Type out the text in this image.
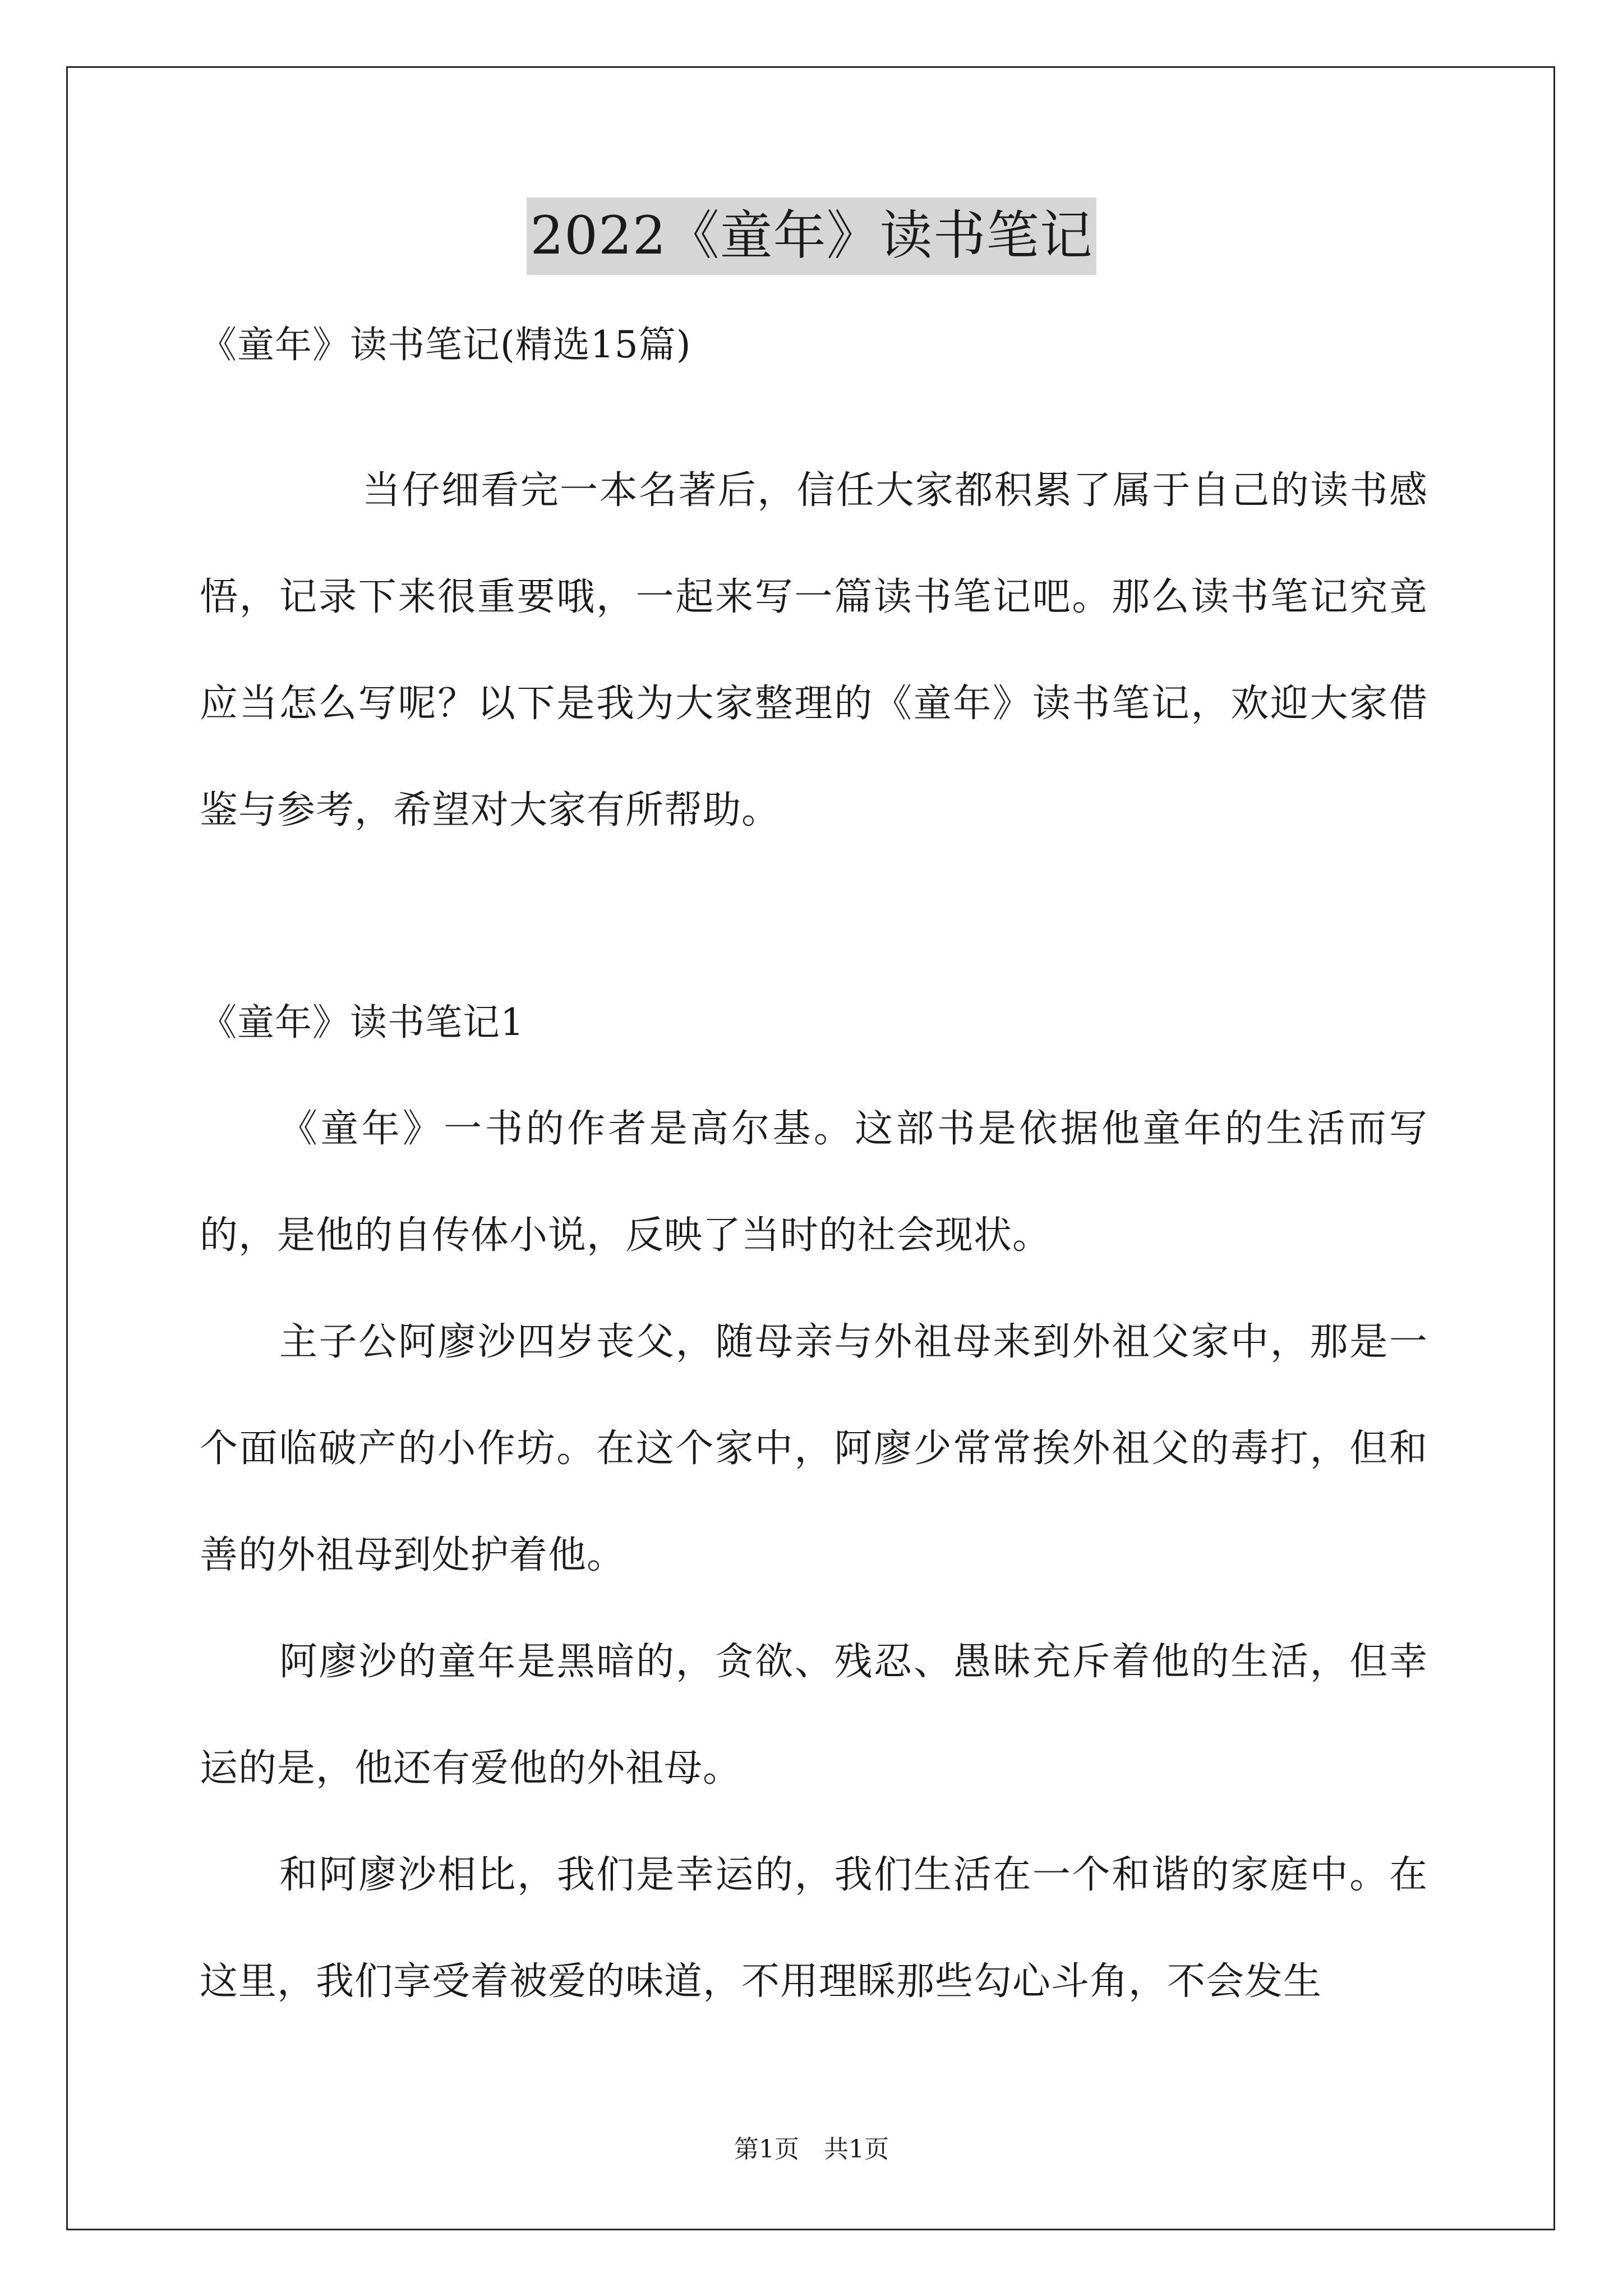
2022《童年》读书笔记

《童年》读书笔记(精选15篇)

当仔细看完一本名著后，信任大家都积累了属于自己的读书感悟，记录下来很重要哦，一起来写一篇读书笔记吧。那么读书笔记究竟应当怎么写呢？以下是我为大家整理的《童年》读书笔记，欢迎大家借鉴与参考，希望对大家有所帮助。

《童年》读书笔记1

《童年》一书的作者是高尔基。这部书是依据他童年的生活而写的，是他的自传体小说，反映了当时的社会现状。

主子公阿廖沙四岁丧父，随母亲与外祖母来到外祖父家中，那是一个面临破产的小作坊。在这个家中，阿廖少常常挨外祖父的毒打，但和善的外祖母到处护着他。

阿廖沙的童年是黑暗的，贪欲、残忍、愚昧充斥着他的生活，但幸运的是，他还有爱他的外祖母。

和阿廖沙相比，我们是幸运的，我们生活在一个和谐的家庭中。在这里，我们享受着被爱的味道，不用理睬那些勾心斗角，不会发生

第1页　共1页
